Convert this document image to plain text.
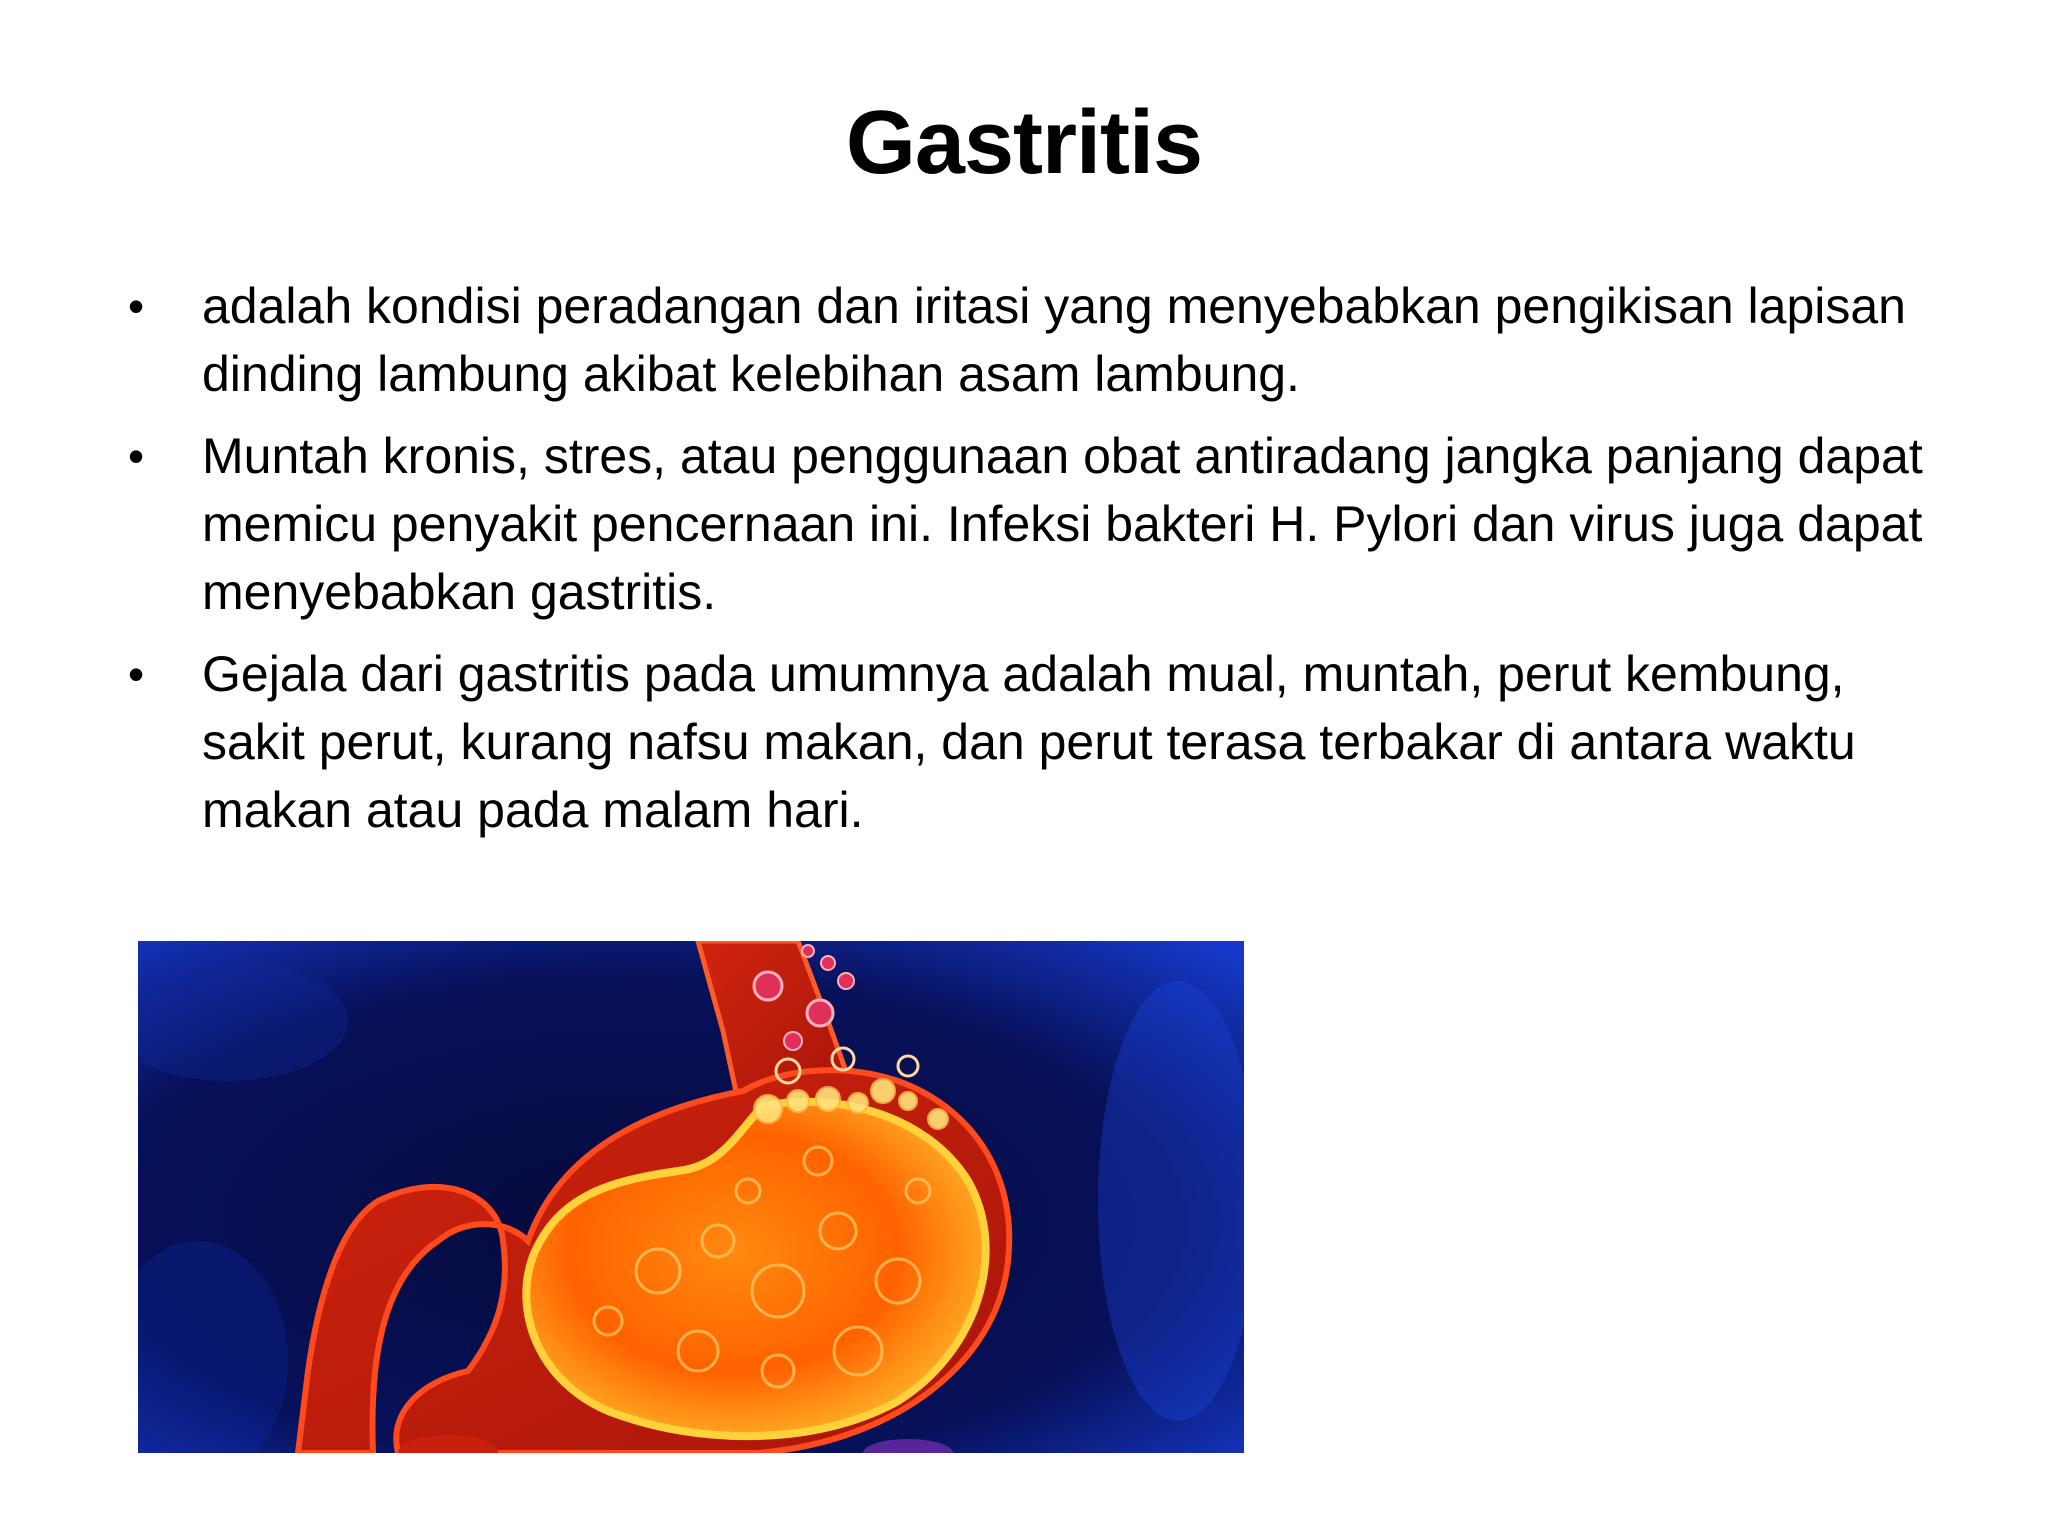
Gastritis
• adalah kondisi peradangan dan iritasi yang menyebabkan pengikisan lapisan dinding lambung akibat kelebihan asam lambung.
• Muntah kronis, stres, atau penggunaan obat antiradang jangka panjang dapat memicu penyakit pencernaan ini. Infeksi bakteri H. Pylori dan virus juga dapat menyebabkan gastritis.
• Gejala dari gastritis pada umumnya adalah mual, muntah, perut kembung, sakit perut, kurang nafsu makan, dan perut terasa terbakar di antara waktu makan atau pada malam hari.
